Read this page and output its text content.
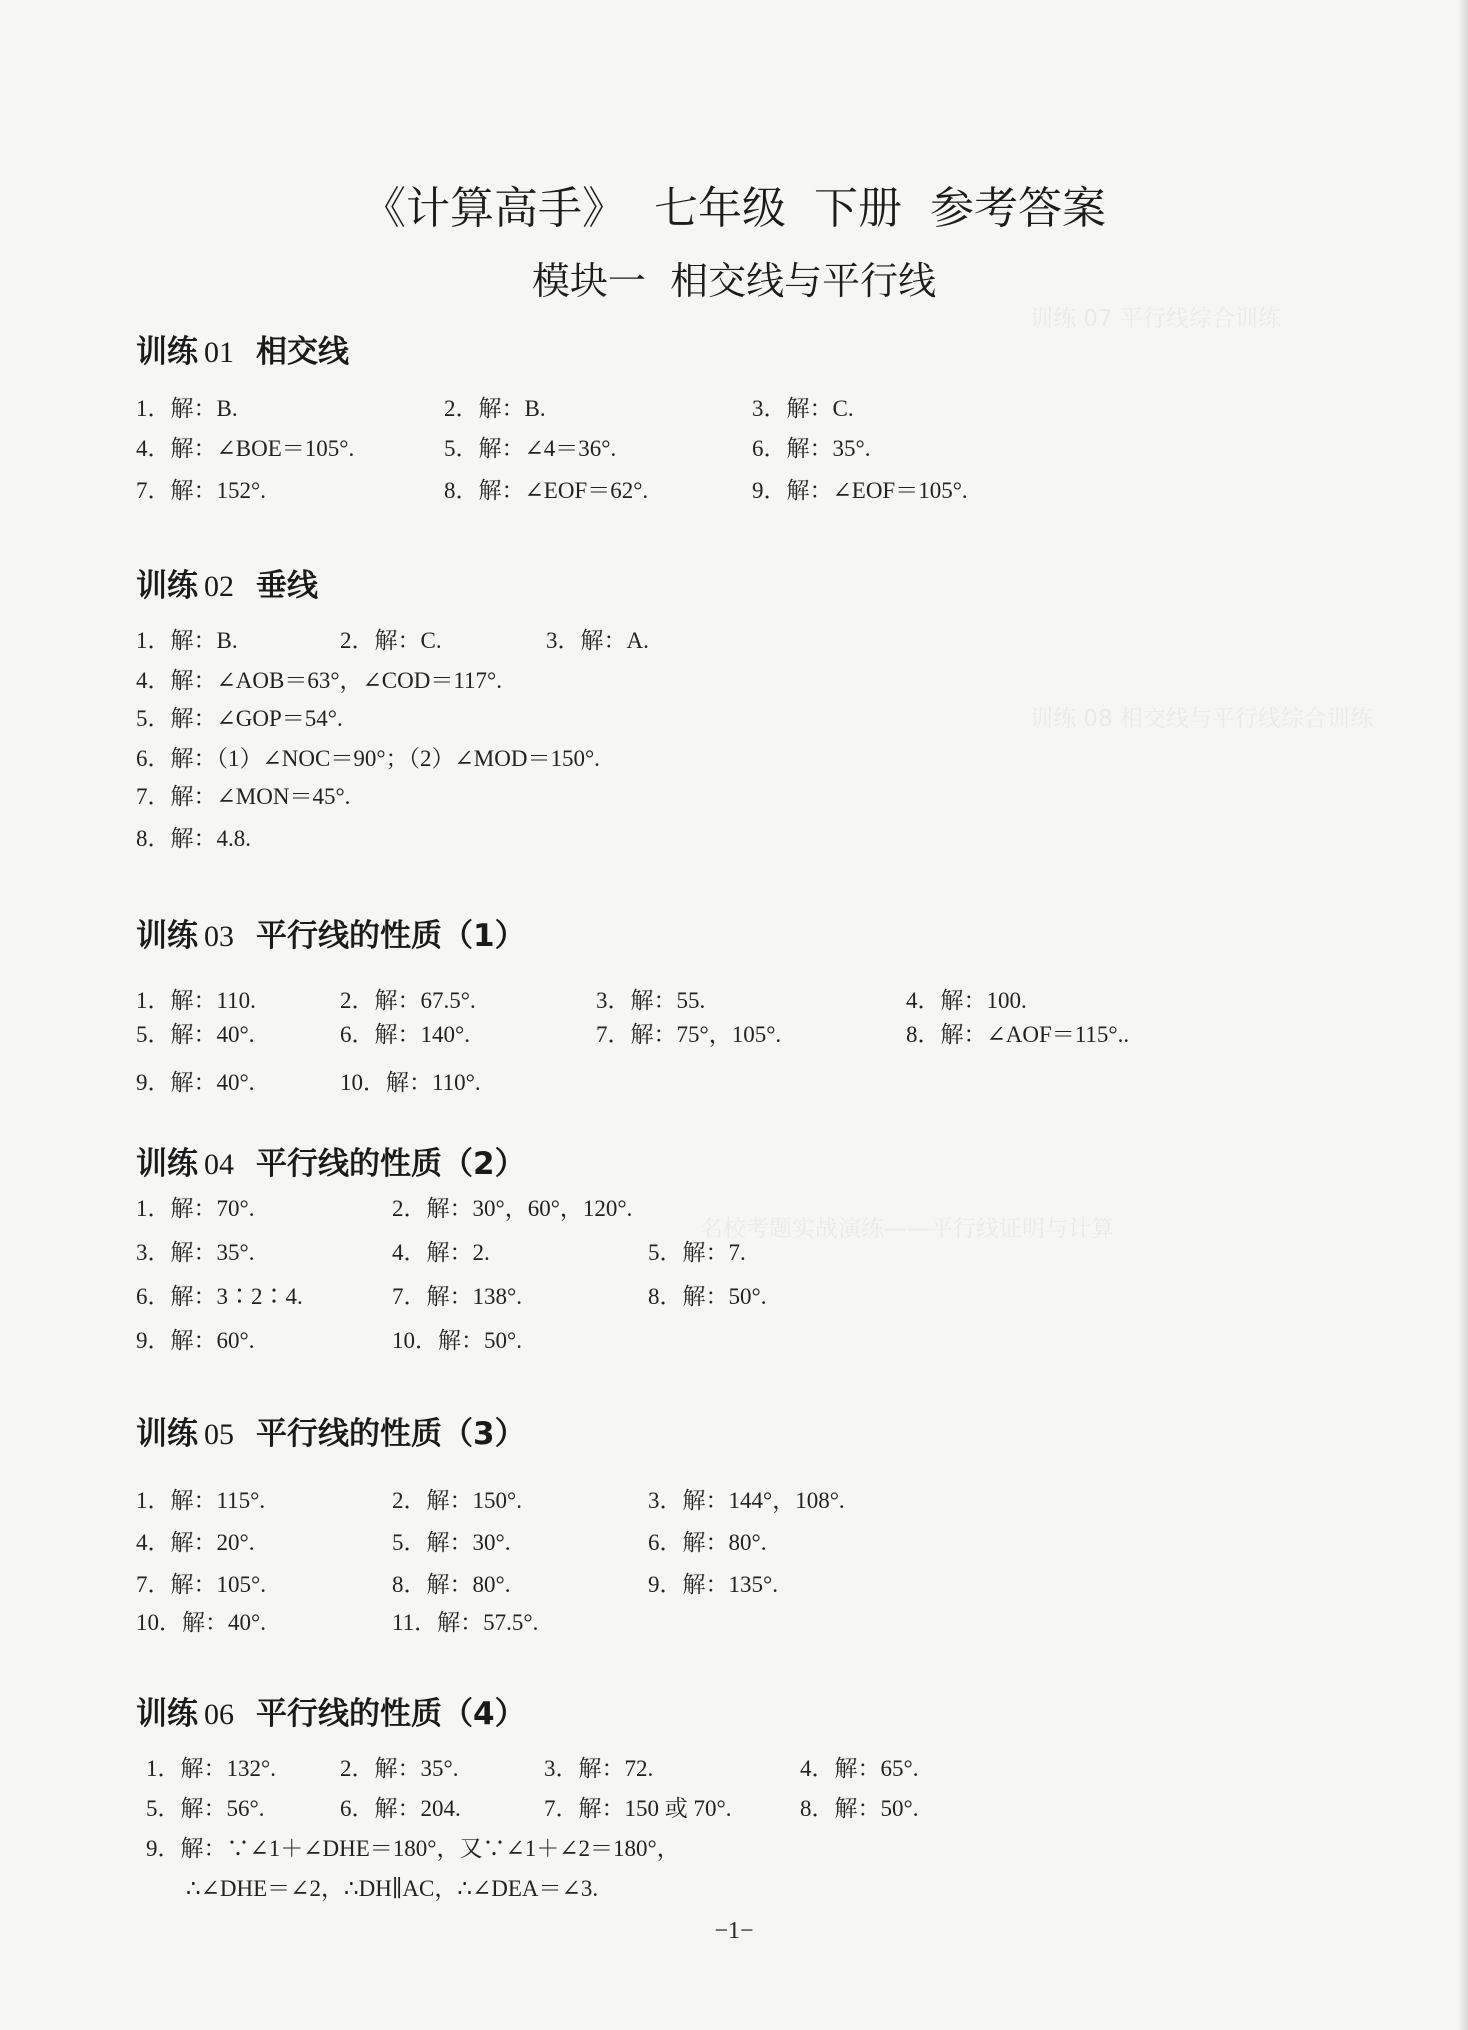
训练 07 平行线综合训练
训练 08 相交线与平行线综合训练
名校考题实战演练——平行线证明与计算
《计算高手》  七年级  下册  参考答案
模块一  相交线与平行线
训练 01 相交线
1．解：B.	2．解：B.	3．解：C.
4．解：∠BOE＝105°.	5．解：∠4＝36°.	6．解：35°.
7．解：152°.	8．解：∠EOF＝62°.	9．解：∠EOF＝105°.
训练 02 垂线
1．解：B.	2．解：C.	3．解：A.
4．解：∠AOB＝63°，∠COD＝117°.
5．解：∠GOP＝54°.
6．解：（1）∠NOC＝90°；（2）∠MOD＝150°.
7．解：∠MON＝45°.
8．解：4.8.
训练 03 平行线的性质（1）
1．解：110.	2．解：67.5°.	3．解：55.	4．解：100.
5．解：40°.	6．解：140°.	7．解：75°，105°.	8．解：∠AOF＝115°..
9．解：40°.	10．解：110°.
训练 04 平行线的性质（2）
1．解：70°.	2．解：30°，60°，120°.
3．解：35°.	4．解：2.	5．解：7.
6．解：3∶2∶4.	7．解：138°.	8．解：50°.
9．解：60°.	10．解：50°.
训练 05 平行线的性质（3）
1．解：115°.	2．解：150°.	3．解：144°，108°.
4．解：20°.	5．解：30°.	6．解：80°.
7．解：105°.	8．解：80°.	9．解：135°.
10．解：40°.	11．解：57.5°.
训练 06 平行线的性质（4）
1．解：132°.	2．解：35°.	3．解：72.	4．解：65°.
5．解：56°.	6．解：204.	7．解：150 或 70°.	8．解：50°.
9．解：∵∠1＋∠DHE＝180°，又∵∠1＋∠2＝180°，
∴∠DHE＝∠2，∴DH∥AC，∴∠DEA＝∠3.
−1−
